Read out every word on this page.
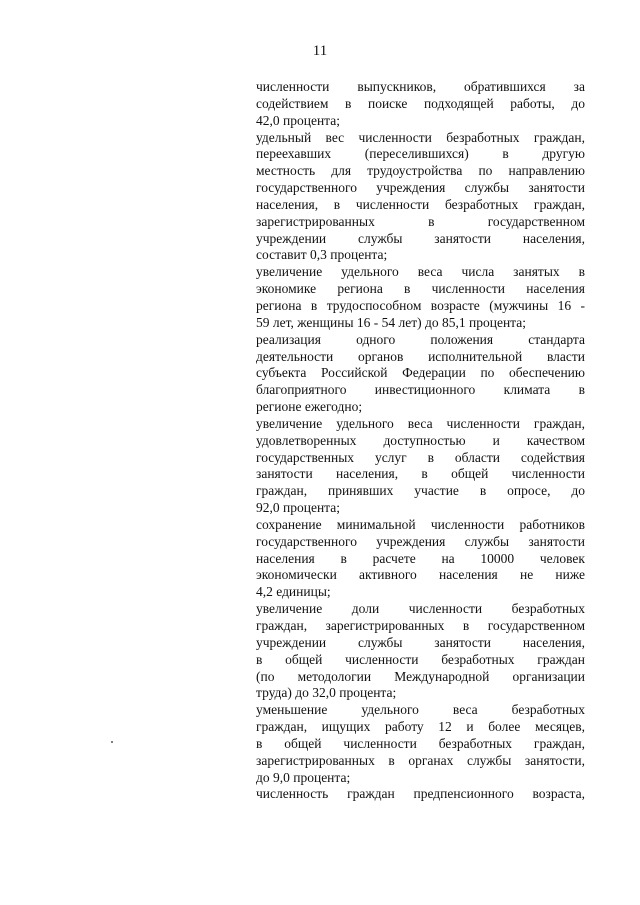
11
численности выпускников, обратившихся за
содействием в поиске подходящей работы, до
42,0 процента;
удельный вес численности безработных граждан,
переехавших (переселившихся) в другую
местность для трудоустройства по направлению
государственного учреждения службы занятости
населения, в численности безработных граждан,
зарегистрированных в государственном
учреждении службы занятости населения,
составит 0,3 процента;
увеличение удельного веса числа занятых в
экономике региона в численности населения
региона в трудоспособном возрасте (мужчины 16 -
59 лет, женщины 16 - 54 лет) до 85,1 процента;
реализация одного положения стандарта
деятельности органов исполнительной власти
субъекта Российской Федерации по обеспечению
благоприятного инвестиционного климата в
регионе ежегодно;
увеличение удельного веса численности граждан,
удовлетворенных доступностью и качеством
государственных услуг в области содействия
занятости населения, в общей численности
граждан, принявших участие в опросе, до
92,0 процента;
сохранение минимальной численности работников
государственного учреждения службы занятости
населения в расчете на 10000 человек
экономически активного населения не ниже
4,2 единицы;
увеличение доли численности безработных
граждан, зарегистрированных в государственном
учреждении службы занятости населения,
в общей численности безработных граждан
(по методологии Международной организации
труда) до 32,0 процента;
уменьшение удельного веса безработных
граждан, ищущих работу 12 и более месяцев,
в общей численности безработных граждан,
зарегистрированных в органах службы занятости,
до 9,0 процента;
численность граждан предпенсионного возраста,
